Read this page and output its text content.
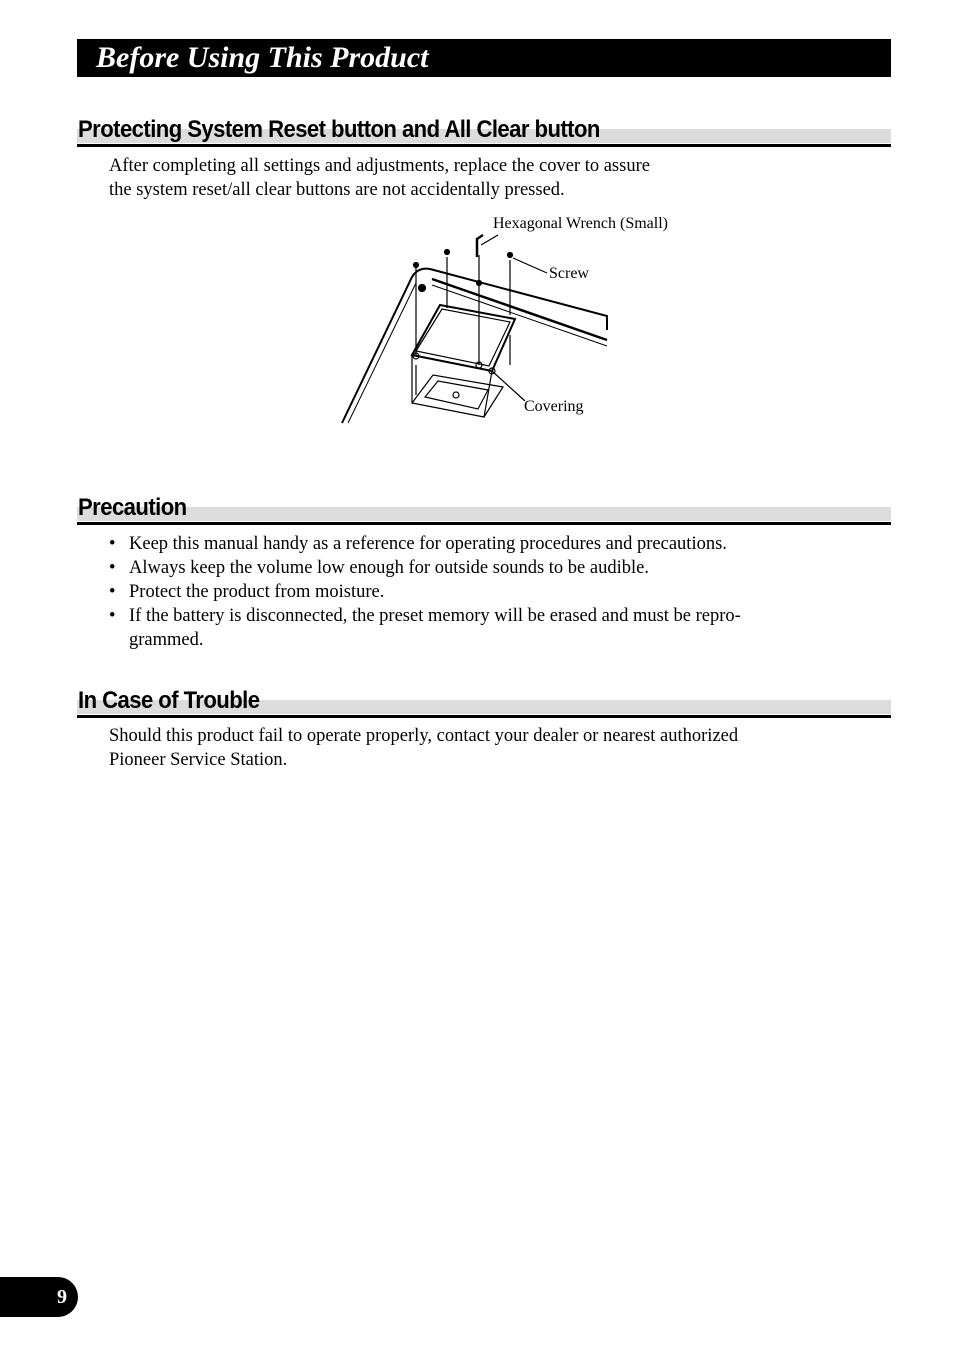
Before Using This Product
Protecting System Reset button and All Clear button
After completing all settings and adjustments, replace the cover to assure
the system reset/all clear buttons are not accidentally pressed.
Hexagonal Wrench (Small)
Screw
Covering
Precaution
• Keep this manual handy as a reference for operating procedures and precautions.
• Always keep the volume low enough for outside sounds to be audible.
• Protect the product from moisture.
• If the battery is disconnected, the preset memory will be erased and must be repro-
grammed.
In Case of Trouble
Should this product fail to operate properly, contact your dealer or nearest authorized
Pioneer Service Station.
9
